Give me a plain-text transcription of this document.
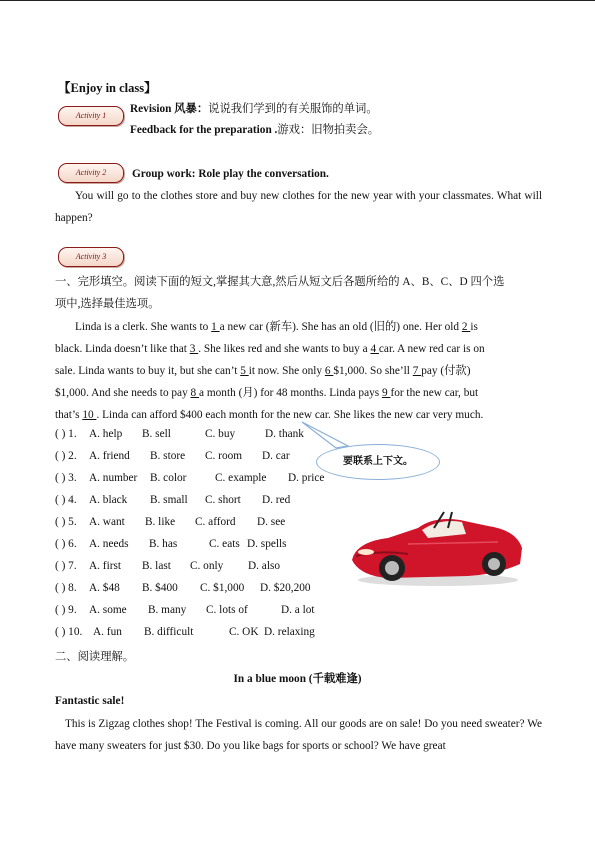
【Enjoy in class】
Activity 1
Revision 风暴：说说我们学到的有关服饰的单词。
Feedback for the preparation .游戏：旧物拍卖会。
Activity 2	Group work: Role play the conversation.
You will go to the clothes store and buy new clothes for the new year with your classmates. What will happen?
Activity 3
一、完形填空。阅读下面的短文,掌握其大意,然后从短文后各题所给的 A、B、C、D 四个选
项中,选择最佳选项。
Linda is a clerk. She wants to 1 a new car (新车). She has an old (旧的) one. Her old 2 is
black. Linda doesn’t like that 3 . She likes red and she wants to buy a 4 car. A new red car is on
sale. Linda wants to buy it, but she can’t 5 it now. She only 6 $1,000. So she’ll 7 pay (付款)
$1,000. And she needs to pay 8 a month (月) for 48 months. Linda pays 9 for the new car, but
that’s 10 . Linda can afford $400 each month for the new car. She likes the new car very much.
( ) 1. A. help B. sell	C. buy	D. thank
( ) 2. A. friend B. store C. room D. car
( ) 3. A. number B. color	C. example D. price
( ) 4. A. black B. small C. short D. red
( ) 5. A. want B. like C. afford D. see
( ) 6. A. needs B. has	C. eats D. spells
( ) 7. A. first B. last C. only D. also
( ) 8. A. $48 B. $400 C. $1,000 D. $20,200
( ) 9. A. some B. many C. lots of	D. a lot
( ) 10. A. fun B. difficult	C. OK D. relaxing
要联系上下文。
二、阅读理解。
In a blue moon (千载难逢)
Fantastic sale!
This is Zigzag clothes shop! The Festival is coming. All our goods are on sale! Do you need sweater? We have many sweaters for just $30. Do you like bags for sports or school? We have great
